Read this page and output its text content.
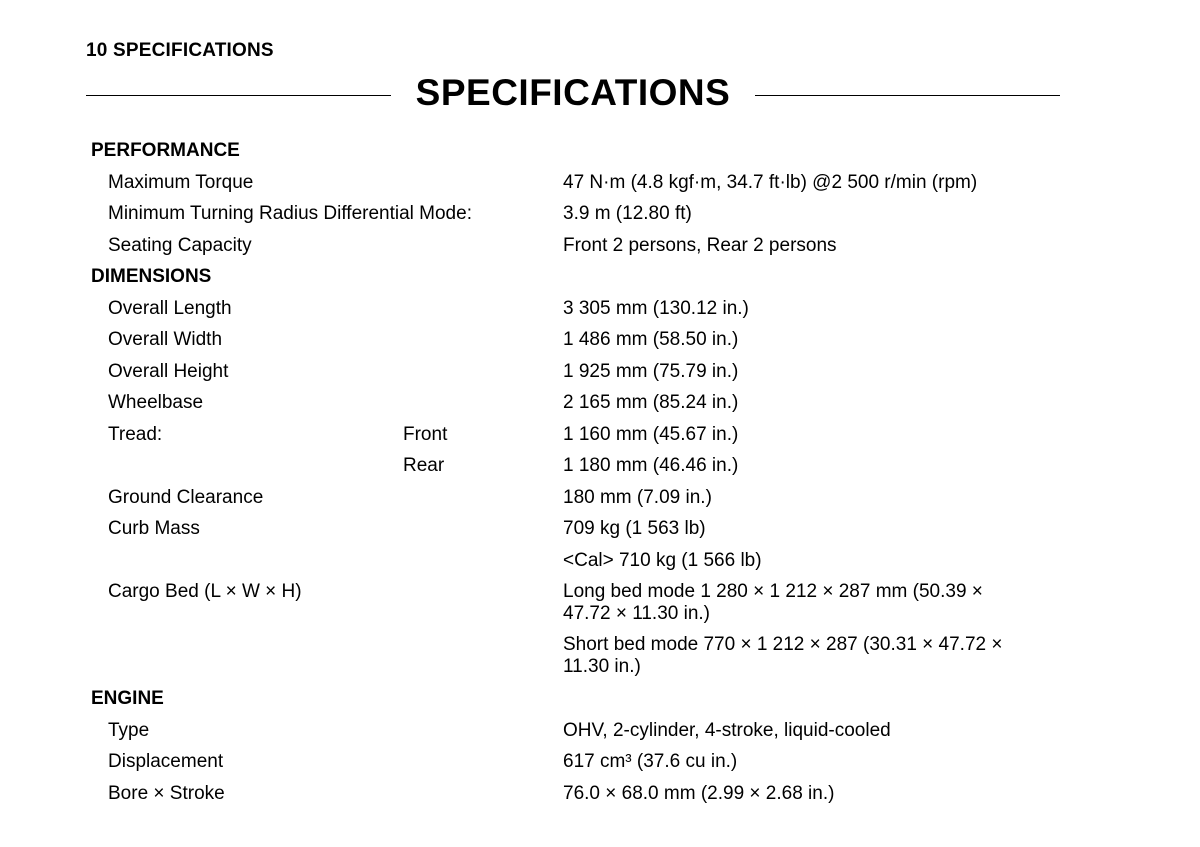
10 SPECIFICATIONS
SPECIFICATIONS
PERFORMANCE
Maximum Torque	47 N·m (4.8 kgf·m, 34.7 ft·lb) @2 500 r/min (rpm)
Minimum Turning Radius Differential Mode:	3.9 m (12.80 ft)
Seating Capacity	Front 2 persons, Rear 2 persons
DIMENSIONS
Overall Length	3 305 mm (130.12 in.)
Overall Width	1 486 mm (58.50 in.)
Overall Height	1 925 mm (75.79 in.)
Wheelbase	2 165 mm (85.24 in.)
Tread:	Front	1 160 mm (45.67 in.)
Rear	1 180 mm (46.46 in.)
Ground Clearance	180 mm (7.09 in.)
Curb Mass	709 kg (1 563 lb)
<Cal> 710 kg (1 566 lb)
Cargo Bed (L × W × H)	Long bed mode 1 280 × 1 212 × 287 mm (50.39 ×
47.72 × 11.30 in.)
Short bed mode 770 × 1 212 × 287 (30.31 × 47.72 ×
11.30 in.)
ENGINE
Type	OHV, 2-cylinder, 4-stroke, liquid-cooled
Displacement	617 cm³ (37.6 cu in.)
Bore × Stroke	76.0 × 68.0 mm (2.99 × 2.68 in.)
